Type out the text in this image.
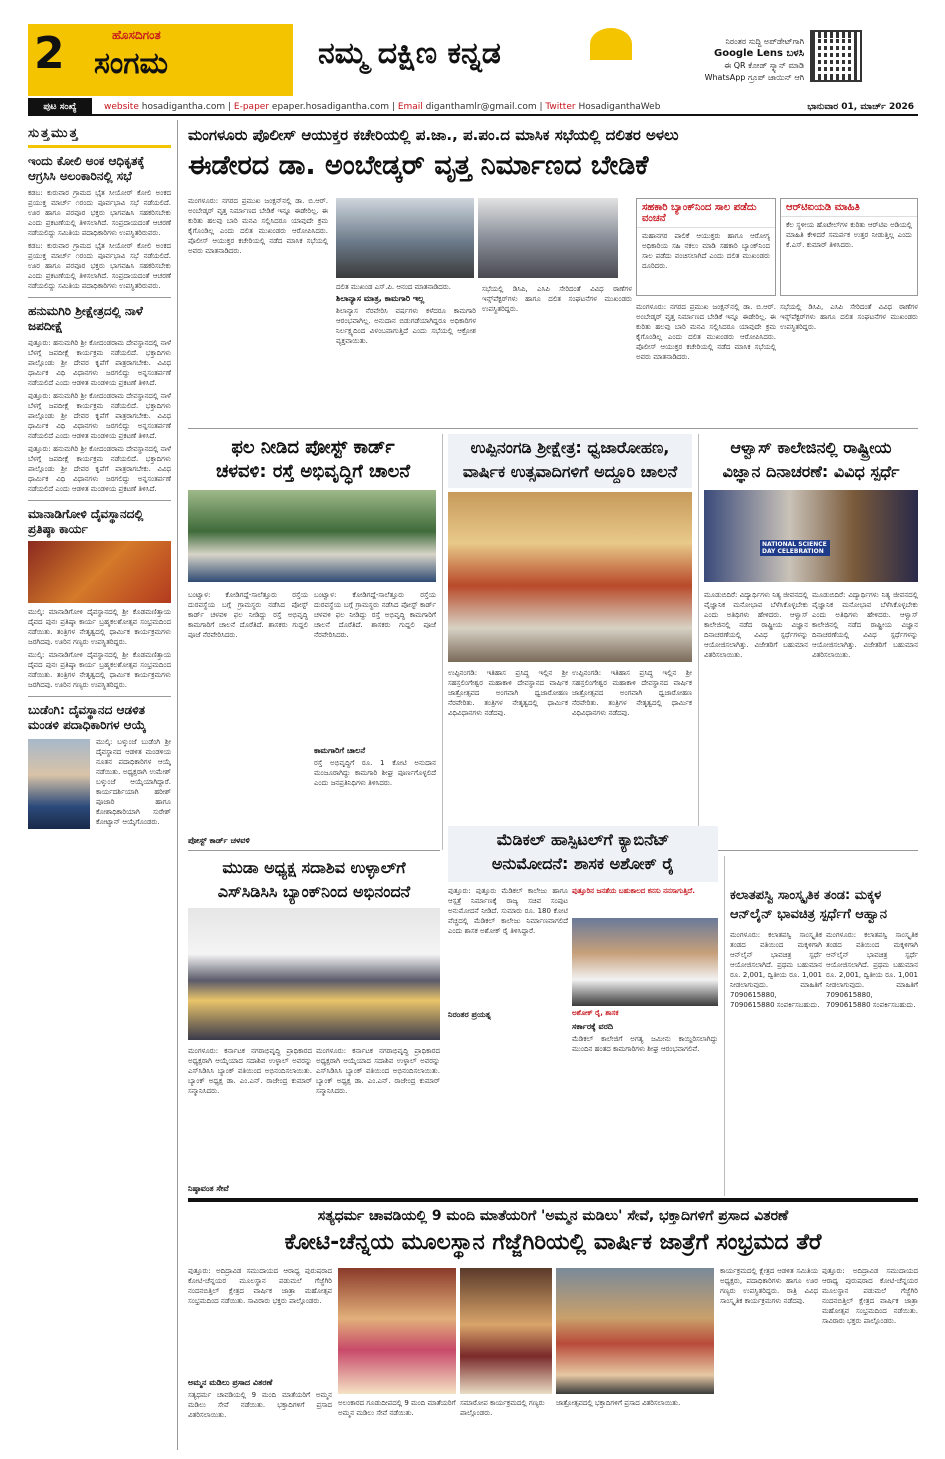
2	ಹೊಸದಿಗಂತ
ಸಂಗಮ	ನಮ್ಮ ದಕ್ಷಿಣ ಕನ್ನಡ	ನಿರಂತರ ಸುದ್ದಿ ಅಪ್‌ಡೇಟ್‌ಗಾಗಿ
Google Lens ಬಳಸಿ
ಈ QR ಕೋಡ್ ಸ್ಕ್ಯಾನ್ ಮಾಡಿ
WhatsApp ಗ್ರೂಪ್ ಜಾಯಿನ್ ಆಗಿ
ಪುಟ ಸಂಖ್ಯೆ	website hosadigantha.com | E-paper epaper.hosadigantha.com | Email diganthamlr@gmail.com | Twitter HosadiganthaWeb	ಭಾನುವಾರ 01, ಮಾರ್ಚ್ 2026
ಸುತ್ತಮುತ್ತ
ಇಂದು ಕೋಲಿ ಅಂಕ ಆಧಿಕೃತಕ್ಕೆ ಆಗ್ರಸಿಸಿ ಅಲಂಕಾರಿನಲ್ಲಿ ಸಭೆ
ಕಡಬ: ಕುರುವಾರ ಗ್ರಾಮದ ಭೈತ ಸೀಯೋರ್ ಕೋಲಿ ಅಂಕದ ಪ್ರಯುಕ್ತ ಮಾರ್ಚ್ ೧ರಂದು ಪೂರ್ವಭಾವಿ ಸಭೆ ನಡೆಯಲಿದೆ. ಊರ ಹಾಗೂ ಪರವೂರ ಭಕ್ತರು ಭಾಗವಹಿಸಿ ಸಹಕರಿಸಬೇಕು ಎಂದು ಪ್ರಕಟಣೆಯಲ್ಲಿ ತಿಳಿಸಲಾಗಿದೆ. ಸಂಪ್ರದಾಯದಂತೆ ಆಚರಣೆ ನಡೆಯಲಿದ್ದು ಸಮಿತಿಯ ಪದಾಧಿಕಾರಿಗಳು ಉಪಸ್ಥಿತರಿರುವರು.
ಕಡಬ: ಕುರುವಾರ ಗ್ರಾಮದ ಭೈತ ಸೀಯೋರ್ ಕೋಲಿ ಅಂಕದ ಪ್ರಯುಕ್ತ ಮಾರ್ಚ್ ೧ರಂದು ಪೂರ್ವಭಾವಿ ಸಭೆ ನಡೆಯಲಿದೆ. ಊರ ಹಾಗೂ ಪರವೂರ ಭಕ್ತರು ಭಾಗವಹಿಸಿ ಸಹಕರಿಸಬೇಕು ಎಂದು ಪ್ರಕಟಣೆಯಲ್ಲಿ ತಿಳಿಸಲಾಗಿದೆ. ಸಂಪ್ರದಾಯದಂತೆ ಆಚರಣೆ ನಡೆಯಲಿದ್ದು ಸಮಿತಿಯ ಪದಾಧಿಕಾರಿಗಳು ಉಪಸ್ಥಿತರಿರುವರು.
ಹನುಮಗಿರಿ ಶ್ರೀಕ್ಷೇತ್ರದಲ್ಲಿ ನಾಳೆ ಜಪದೀಕ್ಷೆ
ಪುತ್ತೂರು: ಹನುಮಗಿರಿ ಶ್ರೀ ಕೋದಂಡರಾಮ ದೇವಸ್ಥಾನದಲ್ಲಿ ನಾಳೆ ಬೆಳಗ್ಗೆ ಜಪದೀಕ್ಷೆ ಕಾರ್ಯಕ್ರಮ ನಡೆಯಲಿದೆ. ಭಕ್ತಾದಿಗಳು ಪಾಲ್ಗೊಂಡು ಶ್ರೀ ದೇವರ ಕೃಪೆಗೆ ಪಾತ್ರರಾಗಬೇಕು. ವಿವಿಧ ಧಾರ್ಮಿಕ ವಿಧಿ ವಿಧಾನಗಳು ಜರಗಲಿದ್ದು ಅನ್ನಸಂತರ್ಪಣೆ ನಡೆಯಲಿದೆ ಎಂದು ಆಡಳಿತ ಮಂಡಳಿಯ ಪ್ರಕಟಣೆ ತಿಳಿಸಿದೆ.
ಪುತ್ತೂರು: ಹನುಮಗಿರಿ ಶ್ರೀ ಕೋದಂಡರಾಮ ದೇವಸ್ಥಾನದಲ್ಲಿ ನಾಳೆ ಬೆಳಗ್ಗೆ ಜಪದೀಕ್ಷೆ ಕಾರ್ಯಕ್ರಮ ನಡೆಯಲಿದೆ. ಭಕ್ತಾದಿಗಳು ಪಾಲ್ಗೊಂಡು ಶ್ರೀ ದೇವರ ಕೃಪೆಗೆ ಪಾತ್ರರಾಗಬೇಕು. ವಿವಿಧ ಧಾರ್ಮಿಕ ವಿಧಿ ವಿಧಾನಗಳು ಜರಗಲಿದ್ದು ಅನ್ನಸಂತರ್ಪಣೆ ನಡೆಯಲಿದೆ ಎಂದು ಆಡಳಿತ ಮಂಡಳಿಯ ಪ್ರಕಟಣೆ ತಿಳಿಸಿದೆ.
ಪುತ್ತೂರು: ಹನುಮಗಿರಿ ಶ್ರೀ ಕೋದಂಡರಾಮ ದೇವಸ್ಥಾನದಲ್ಲಿ ನಾಳೆ ಬೆಳಗ್ಗೆ ಜಪದೀಕ್ಷೆ ಕಾರ್ಯಕ್ರಮ ನಡೆಯಲಿದೆ. ಭಕ್ತಾದಿಗಳು ಪಾಲ್ಗೊಂಡು ಶ್ರೀ ದೇವರ ಕೃಪೆಗೆ ಪಾತ್ರರಾಗಬೇಕು. ವಿವಿಧ ಧಾರ್ಮಿಕ ವಿಧಿ ವಿಧಾನಗಳು ಜರಗಲಿದ್ದು ಅನ್ನಸಂತರ್ಪಣೆ ನಡೆಯಲಿದೆ ಎಂದು ಆಡಳಿತ ಮಂಡಳಿಯ ಪ್ರಕಟಣೆ ತಿಳಿಸಿದೆ.
ಮಾನಾಡಿಗೋಳಿ ದೈವಸ್ಥಾನದಲ್ಲಿ ಪ್ರತಿಷ್ಠಾ ಕಾರ್ಯ
ಮುಲ್ಕಿ: ಮಾನಾಡಿಗೋಳಿ ದೈವಸ್ಥಾನದಲ್ಲಿ ಶ್ರೀ ಕೊಡಮಣಿತ್ತಾಯ ದೈವದ ಪುನಃ ಪ್ರತಿಷ್ಠಾ ಕಾರ್ಯ ಬ್ರಹ್ಮಕಲಶೋತ್ಸವ ಸಂಭ್ರಮದಿಂದ ನಡೆಯಿತು. ತಂತ್ರಿಗಳ ನೇತೃತ್ವದಲ್ಲಿ ಧಾರ್ಮಿಕ ಕಾರ್ಯಕ್ರಮಗಳು ಜರಗಿದವು. ಊರಿನ ಗಣ್ಯರು ಉಪಸ್ಥಿತರಿದ್ದರು.
ಮುಲ್ಕಿ: ಮಾನಾಡಿಗೋಳಿ ದೈವಸ್ಥಾನದಲ್ಲಿ ಶ್ರೀ ಕೊಡಮಣಿತ್ತಾಯ ದೈವದ ಪುನಃ ಪ್ರತಿಷ್ಠಾ ಕಾರ್ಯ ಬ್ರಹ್ಮಕಲಶೋತ್ಸವ ಸಂಭ್ರಮದಿಂದ ನಡೆಯಿತು. ತಂತ್ರಿಗಳ ನೇತೃತ್ವದಲ್ಲಿ ಧಾರ್ಮಿಕ ಕಾರ್ಯಕ್ರಮಗಳು ಜರಗಿದವು. ಊರಿನ ಗಣ್ಯರು ಉಪಸ್ಥಿತರಿದ್ದರು.
ಬುಡೆಂಗಿ: ದೈವಸ್ಥಾನದ ಆಡಳಿತ ಮಂಡಳಿ ಪದಾಧಿಕಾರಿಗಳ ಆಯ್ಕೆ
ಮುಲ್ಕಿ: ಬಳ್ಕುಂಜೆ ಬುಡೆಂಗಿ ಶ್ರೀ ದೈವಸ್ಥಾನದ ಆಡಳಿತ ಮಂಡಳಿಯ ನೂತನ ಪದಾಧಿಕಾರಿಗಳ ಆಯ್ಕೆ ನಡೆಯಿತು. ಅಧ್ಯಕ್ಷರಾಗಿ ಉಮೇಶ್ ಬಳ್ಕುಂಜೆ ಆಯ್ಕೆಯಾಗಿದ್ದಾರೆ. ಕಾರ್ಯದರ್ಶಿಯಾಗಿ ಹರೀಶ್ ಪೂಜಾರಿ ಹಾಗೂ ಕೋಶಾಧಿಕಾರಿಯಾಗಿ ಸುರೇಶ್ ಕೋಟ್ಯಾನ್ ಆಯ್ಕೆಗೊಂಡರು.
ಮಂಗಳೂರು ಪೊಲೀಸ್ ಆಯುಕ್ತರ ಕಚೇರಿಯಲ್ಲಿ ಪ.ಜಾ., ಪ.ಪಂ.ದ ಮಾಸಿಕ ಸಭೆಯಲ್ಲಿ ದಲಿತರ ಅಳಲು
ಈಡೇರದ ಡಾ. ಅಂಬೇಡ್ಕರ್ ವೃತ್ತ ನಿರ್ಮಾಣದ ಬೇಡಿಕೆ
ಮಂಗಳೂರು: ನಗರದ ಪ್ರಮುಖ ಜಂಕ್ಷನ್‌ನಲ್ಲಿ ಡಾ. ಬಿ.ಆರ್. ಅಂಬೇಡ್ಕರ್ ವೃತ್ತ ನಿರ್ಮಾಣದ ಬೇಡಿಕೆ ಇನ್ನೂ ಈಡೇರಿಲ್ಲ. ಈ ಕುರಿತು ಹಲವು ಬಾರಿ ಮನವಿ ಸಲ್ಲಿಸಿದರೂ ಯಾವುದೇ ಕ್ರಮ ಕೈಗೊಂಡಿಲ್ಲ ಎಂದು ದಲಿತ ಮುಖಂಡರು ಆರೋಪಿಸಿದರು. ಪೊಲೀಸ್ ಆಯುಕ್ತರ ಕಚೇರಿಯಲ್ಲಿ ನಡೆದ ಮಾಸಿಕ ಸಭೆಯಲ್ಲಿ ಅವರು ಮಾತನಾಡಿದರು.
ದಲಿತ ಮುಖಂಡ ಎಸ್.ಪಿ. ಆನಂದ ಮಾತನಾಡಿದರು.
ಶಿಲಾನ್ಯಾಸ ಮಾತ್ರ, ಕಾಮಗಾರಿ ಇಲ್ಲ
ಶಿಲಾನ್ಯಾಸ ನೆರವೇರಿಸಿ ವರ್ಷಗಳು ಕಳೆದರೂ ಕಾಮಗಾರಿ ಆರಂಭವಾಗಿಲ್ಲ. ಅನುದಾನ ಬಿಡುಗಡೆಯಾಗಿದ್ದರೂ ಅಧಿಕಾರಿಗಳ ನಿರ್ಲಕ್ಷ್ಯದಿಂದ ವಿಳಂಬವಾಗುತ್ತಿದೆ ಎಂದು ಸಭೆಯಲ್ಲಿ ಆಕ್ರೋಶ ವ್ಯಕ್ತವಾಯಿತು.
ಸಭೆಯಲ್ಲಿ ಡಿಸಿಪಿ, ಎಸಿಪಿ ಸೇರಿದಂತೆ ವಿವಿಧ ಠಾಣೆಗಳ ಇನ್ಸ್‌ಪೆಕ್ಟರ್‌ಗಳು ಹಾಗೂ ದಲಿತ ಸಂಘಟನೆಗಳ ಮುಖಂಡರು ಉಪಸ್ಥಿತರಿದ್ದರು.
ಸಹಕಾರಿ ಬ್ಯಾಂಕ್‌ನಿಂದ ಸಾಲ ಪಡೆದು ವಂಚನೆ
ಮಹಾನಗರ ಪಾಲಿಕೆ ಆಯುಕ್ತರು ಹಾಗೂ ಆರೋಗ್ಯ ಅಧಿಕಾರಿಯ ಸಹಿ ನಕಲು ಮಾಡಿ ಸಹಕಾರಿ ಬ್ಯಾಂಕ್‌ನಿಂದ ಸಾಲ ಪಡೆದು ವಂಚಿಸಲಾಗಿದೆ ಎಂದು ದಲಿತ ಮುಖಂಡರು ದೂರಿದರು.
ಆರ್‌ಟಿಐಯಡಿ ಮಾಹಿತಿ
ಕೆಲ ಸ್ಥಳೀಯ ಹೊಟೇಲ್‌ಗಳ ಕುರಿತು ಆರ್‌ಟಿಐ ಅಡಿಯಲ್ಲಿ ಮಾಹಿತಿ ಕೇಳಿದರೆ ಸಮರ್ಪಕ ಉತ್ತರ ನೀಡುತ್ತಿಲ್ಲ ಎಂದು ಕೆ.ಎಸ್. ಕುಮಾರ್ ತಿಳಿಸಿದರು.
ಮಂಗಳೂರು: ನಗರದ ಪ್ರಮುಖ ಜಂಕ್ಷನ್‌ನಲ್ಲಿ ಡಾ. ಬಿ.ಆರ್. ಅಂಬೇಡ್ಕರ್ ವೃತ್ತ ನಿರ್ಮಾಣದ ಬೇಡಿಕೆ ಇನ್ನೂ ಈಡೇರಿಲ್ಲ. ಈ ಕುರಿತು ಹಲವು ಬಾರಿ ಮನವಿ ಸಲ್ಲಿಸಿದರೂ ಯಾವುದೇ ಕ್ರಮ ಕೈಗೊಂಡಿಲ್ಲ ಎಂದು ದಲಿತ ಮುಖಂಡರು ಆರೋಪಿಸಿದರು. ಪೊಲೀಸ್ ಆಯುಕ್ತರ ಕಚೇರಿಯಲ್ಲಿ ನಡೆದ ಮಾಸಿಕ ಸಭೆಯಲ್ಲಿ ಅವರು ಮಾತನಾಡಿದರು.
ಸಭೆಯಲ್ಲಿ ಡಿಸಿಪಿ, ಎಸಿಪಿ ಸೇರಿದಂತೆ ವಿವಿಧ ಠಾಣೆಗಳ ಇನ್ಸ್‌ಪೆಕ್ಟರ್‌ಗಳು ಹಾಗೂ ದಲಿತ ಸಂಘಟನೆಗಳ ಮುಖಂಡರು ಉಪಸ್ಥಿತರಿದ್ದರು.
ಫಲ ನೀಡಿದ ಪೋಸ್ಟ್ ಕಾರ್ಡ್
ಚಳವಳಿ: ರಸ್ತೆ ಅಭಿವೃದ್ಧಿಗೆ ಚಾಲನೆ
ಬಂಟ್ವಾಳ: ಕೋಡಿಗದ್ದೆ-ಸಾಲೆತ್ತೂರು ರಸ್ತೆಯ ದುರವಸ್ಥೆಯ ಬಗ್ಗೆ ಗ್ರಾಮಸ್ಥರು ನಡೆಸಿದ ಪೋಸ್ಟ್ ಕಾರ್ಡ್ ಚಳವಳಿ ಫಲ ನೀಡಿದ್ದು ರಸ್ತೆ ಅಭಿವೃದ್ಧಿ ಕಾಮಗಾರಿಗೆ ಚಾಲನೆ ದೊರೆತಿದೆ. ಶಾಸಕರು ಗುದ್ದಲಿ ಪೂಜೆ ನೆರವೇರಿಸಿದರು.
ಪೋಸ್ಟ್ ಕಾರ್ಡ್ ಚಳವಳಿ
ಬಂಟ್ವಾಳ: ಕೋಡಿಗದ್ದೆ-ಸಾಲೆತ್ತೂರು ರಸ್ತೆಯ ದುರವಸ್ಥೆಯ ಬಗ್ಗೆ ಗ್ರಾಮಸ್ಥರು ನಡೆಸಿದ ಪೋಸ್ಟ್ ಕಾರ್ಡ್ ಚಳವಳಿ ಫಲ ನೀಡಿದ್ದು ರಸ್ತೆ ಅಭಿವೃದ್ಧಿ ಕಾಮಗಾರಿಗೆ ಚಾಲನೆ ದೊರೆತಿದೆ. ಶಾಸಕರು ಗುದ್ದಲಿ ಪೂಜೆ ನೆರವೇರಿಸಿದರು.
ಕಾಮಗಾರಿಗೆ ಚಾಲನೆ
ರಸ್ತೆ ಅಭಿವೃದ್ಧಿಗೆ ರೂ. 1 ಕೋಟಿ ಅನುದಾನ ಮಂಜೂರಾಗಿದ್ದು ಕಾಮಗಾರಿ ಶೀಘ್ರ ಪೂರ್ಣಗೊಳ್ಳಲಿದೆ ಎಂದು ಜನಪ್ರತಿನಿಧಿಗಳು ತಿಳಿಸಿದರು.
ಉಪ್ಪಿನಂಗಡಿ ಶ್ರೀಕ್ಷೇತ್ರ: ಧ್ವಜಾರೋಹಣ,
ವಾರ್ಷಿಕ ಉತ್ಸವಾದಿಗಳಿಗೆ ಅದ್ದೂರಿ ಚಾಲನೆ
ಉಪ್ಪಿನಂಗಡಿ: ಇತಿಹಾಸ ಪ್ರಸಿದ್ಧ ಇಲ್ಲಿನ ಶ್ರೀ ಸಹಸ್ರಲಿಂಗೇಶ್ವರ ಮಹಾಕಾಳಿ ದೇವಸ್ಥಾನದ ವಾರ್ಷಿಕ ಜಾತ್ರೋತ್ಸವದ ಅಂಗವಾಗಿ ಧ್ವಜಾರೋಹಣ ನೆರವೇರಿತು. ತಂತ್ರಿಗಳ ನೇತೃತ್ವದಲ್ಲಿ ಧಾರ್ಮಿಕ ವಿಧಿವಿಧಾನಗಳು ನಡೆದವು.
ಉಪ್ಪಿನಂಗಡಿ: ಇತಿಹಾಸ ಪ್ರಸಿದ್ಧ ಇಲ್ಲಿನ ಶ್ರೀ ಸಹಸ್ರಲಿಂಗೇಶ್ವರ ಮಹಾಕಾಳಿ ದೇವಸ್ಥಾನದ ವಾರ್ಷಿಕ ಜಾತ್ರೋತ್ಸವದ ಅಂಗವಾಗಿ ಧ್ವಜಾರೋಹಣ ನೆರವೇರಿತು. ತಂತ್ರಿಗಳ ನೇತೃತ್ವದಲ್ಲಿ ಧಾರ್ಮಿಕ ವಿಧಿವಿಧಾನಗಳು ನಡೆದವು.
ಆಳ್ವಾಸ್ ಕಾಲೇಜಿನಲ್ಲಿ ರಾಷ್ಟ್ರೀಯ
ವಿಜ್ಞಾನ ದಿನಾಚರಣೆ: ವಿವಿಧ ಸ್ಪರ್ಧೆ
NATIONAL SCIENCE DAY CELEBRATION
ಮೂಡುಬಿದಿರೆ: ವಿದ್ಯಾರ್ಥಿಗಳು ನಿತ್ಯ ಜೀವನದಲ್ಲಿ ವೈಜ್ಞಾನಿಕ ಮನೋಭಾವ ಬೆಳೆಸಿಕೊಳ್ಳಬೇಕು ಎಂದು ಅತಿಥಿಗಳು ಹೇಳಿದರು. ಆಳ್ವಾಸ್ ಕಾಲೇಜಿನಲ್ಲಿ ನಡೆದ ರಾಷ್ಟ್ರೀಯ ವಿಜ್ಞಾನ ದಿನಾಚರಣೆಯಲ್ಲಿ ವಿವಿಧ ಸ್ಪರ್ಧೆಗಳನ್ನು ಆಯೋಜಿಸಲಾಗಿತ್ತು. ವಿಜೇತರಿಗೆ ಬಹುಮಾನ ವಿತರಿಸಲಾಯಿತು.
ಮೂಡುಬಿದಿರೆ: ವಿದ್ಯಾರ್ಥಿಗಳು ನಿತ್ಯ ಜೀವನದಲ್ಲಿ ವೈಜ್ಞಾನಿಕ ಮನೋಭಾವ ಬೆಳೆಸಿಕೊಳ್ಳಬೇಕು ಎಂದು ಅತಿಥಿಗಳು ಹೇಳಿದರು. ಆಳ್ವಾಸ್ ಕಾಲೇಜಿನಲ್ಲಿ ನಡೆದ ರಾಷ್ಟ್ರೀಯ ವಿಜ್ಞಾನ ದಿನಾಚರಣೆಯಲ್ಲಿ ವಿವಿಧ ಸ್ಪರ್ಧೆಗಳನ್ನು ಆಯೋಜಿಸಲಾಗಿತ್ತು. ವಿಜೇತರಿಗೆ ಬಹುಮಾನ ವಿತರಿಸಲಾಯಿತು.
ಮೆಡಿಕಲ್ ಹಾಸ್ಪಿಟಲ್‌ಗೆ ಕ್ಯಾಬಿನೆಟ್
ಅನುಮೋದನೆ: ಶಾಸಕ ಅಶೋಕ್ ರೈ
ಪುತ್ತೂರು: ಪುತ್ತೂರು ಮೆಡಿಕಲ್ ಕಾಲೇಜು ಹಾಗೂ ಆಸ್ಪತ್ರೆ ನಿರ್ಮಾಣಕ್ಕೆ ರಾಜ್ಯ ಸಚಿವ ಸಂಪುಟ ಅನುಮೋದನೆ ನೀಡಿದೆ. ಸುಮಾರು ರೂ. 180 ಕೋಟಿ ವೆಚ್ಚದಲ್ಲಿ ಮೆಡಿಕಲ್ ಕಾಲೇಜು ನಿರ್ಮಾಣವಾಗಲಿದೆ ಎಂದು ಶಾಸಕ ಅಶೋಕ್ ರೈ ತಿಳಿಸಿದ್ದಾರೆ.
ಪುತ್ತೂರಿನ ಜನತೆಯ ಬಹುಕಾಲದ ಕನಸು ನನಸಾಗುತ್ತಿದೆ.
ಅಶೋಕ್ ರೈ, ಶಾಸಕ
ನಿರಂತರ ಪ್ರಯತ್ನ
ಸರ್ಕಾರಕ್ಕೆ ವರದಿ
ಮೆಡಿಕಲ್ ಕಾಲೇಜಿಗೆ ಅಗತ್ಯ ಜಮೀನು ಕಾಯ್ದಿರಿಸಲಾಗಿದ್ದು ಮುಂದಿನ ಹಂತದ ಕಾಮಗಾರಿಗಳು ಶೀಘ್ರ ಆರಂಭವಾಗಲಿವೆ.
ಮುಡಾ ಅಧ್ಯಕ್ಷ ಸದಾಶಿವ ಉಳ್ಳಾಲ್‌ಗೆ
ಎಸ್‌ಸಿಡಿಸಿಸಿ ಬ್ಯಾಂಕ್‌ನಿಂದ ಅಭಿನಂದನೆ
ಮಂಗಳೂರು: ಕರ್ನಾಟಕ ನಗರಾಭಿವೃದ್ಧಿ ಪ್ರಾಧಿಕಾರದ ಅಧ್ಯಕ್ಷರಾಗಿ ಆಯ್ಕೆಯಾದ ಸದಾಶಿವ ಉಳ್ಳಾಲ್ ಅವರನ್ನು ಎಸ್‌ಸಿಡಿಸಿಸಿ ಬ್ಯಾಂಕ್ ವತಿಯಿಂದ ಅಭಿನಂದಿಸಲಾಯಿತು. ಬ್ಯಾಂಕ್ ಅಧ್ಯಕ್ಷ ಡಾ. ಎಂ.ಎನ್. ರಾಜೇಂದ್ರ ಕುಮಾರ್ ಸನ್ಮಾನಿಸಿದರು.
ನಿಷ್ಠಾವಂತ ಸೇವೆ
ಮಂಗಳೂರು: ಕರ್ನಾಟಕ ನಗರಾಭಿವೃದ್ಧಿ ಪ್ರಾಧಿಕಾರದ ಅಧ್ಯಕ್ಷರಾಗಿ ಆಯ್ಕೆಯಾದ ಸದಾಶಿವ ಉಳ್ಳಾಲ್ ಅವರನ್ನು ಎಸ್‌ಸಿಡಿಸಿಸಿ ಬ್ಯಾಂಕ್ ವತಿಯಿಂದ ಅಭಿನಂದಿಸಲಾಯಿತು. ಬ್ಯಾಂಕ್ ಅಧ್ಯಕ್ಷ ಡಾ. ಎಂ.ಎನ್. ರಾಜೇಂದ್ರ ಕುಮಾರ್ ಸನ್ಮಾನಿಸಿದರು.
ಕಲಾತಪಸ್ವಿ ಸಾಂಸ್ಕೃತಿಕ ತಂಡ: ಮಕ್ಕಳ
ಆನ್‌ಲೈನ್ ಭಾವಚಿತ್ರ ಸ್ಪರ್ಧೆಗೆ ಆಹ್ವಾನ
ಮಂಗಳೂರು: ಕಲಾತಪಸ್ವಿ ಸಾಂಸ್ಕೃತಿಕ ತಂಡದ ವತಿಯಿಂದ ಮಕ್ಕಳಿಗಾಗಿ ಆನ್‌ಲೈನ್ ಭಾವಚಿತ್ರ ಸ್ಪರ್ಧೆ ಆಯೋಜಿಸಲಾಗಿದೆ. ಪ್ರಥಮ ಬಹುಮಾನ ರೂ. 2,001, ದ್ವಿತೀಯ ರೂ. 1,001 ನೀಡಲಾಗುವುದು. ಮಾಹಿತಿಗೆ 7090615880, 7090615880 ಸಂಪರ್ಕಿಸಬಹುದು.
ಮಂಗಳೂರು: ಕಲಾತಪಸ್ವಿ ಸಾಂಸ್ಕೃತಿಕ ತಂಡದ ವತಿಯಿಂದ ಮಕ್ಕಳಿಗಾಗಿ ಆನ್‌ಲೈನ್ ಭಾವಚಿತ್ರ ಸ್ಪರ್ಧೆ ಆಯೋಜಿಸಲಾಗಿದೆ. ಪ್ರಥಮ ಬಹುಮಾನ ರೂ. 2,001, ದ್ವಿತೀಯ ರೂ. 1,001 ನೀಡಲಾಗುವುದು. ಮಾಹಿತಿಗೆ 7090615880, 7090615880 ಸಂಪರ್ಕಿಸಬಹುದು.
ಸತ್ಯಧರ್ಮ ಚಾವಡಿಯಲ್ಲಿ 9 ಮಂದಿ ಮಾತೆಯರಿಗೆ 'ಅಮ್ಮನ ಮಡಿಲು' ಸೇವೆ, ಭಕ್ತಾದಿಗಳಿಗೆ ಪ್ರಸಾದ ವಿತರಣೆ
ಕೋಟಿ-ಚೆನ್ನಯ ಮೂಲಸ್ಥಾನ ಗೆಜ್ಜೆಗಿರಿಯಲ್ಲಿ ವಾರ್ಷಿಕ ಜಾತ್ರೆಗೆ ಸಂಭ್ರಮದ ತೆರೆ
ಪುತ್ತೂರು: ಅದಿದ್ರಾವಿಡ ಸಮುದಾಯದ ಆರಾಧ್ಯ ಪುರುಷರಾದ ಕೋಟಿ-ಚೆನ್ನಯರ ಮೂಲಸ್ಥಾನ ಪಡುಮಲೆ ಗೆಜ್ಜೆಗಿರಿ ನಂದನಬಿತ್ತಿಲ್ ಕ್ಷೇತ್ರದ ವಾರ್ಷಿಕ ಜಾತ್ರಾ ಮಹೋತ್ಸವ ಸಂಭ್ರಮದಿಂದ ನಡೆಯಿತು. ಸಾವಿರಾರು ಭಕ್ತರು ಪಾಲ್ಗೊಂಡರು.
ಅಮ್ಮನ ಮಡಿಲು ಪ್ರಸಾದ ವಿತರಣೆ
ಸತ್ಯಧರ್ಮ ಚಾವಡಿಯಲ್ಲಿ 9 ಮಂದಿ ಮಾತೆಯರಿಗೆ ಅಮ್ಮನ ಮಡಿಲು ಸೇವೆ ನಡೆಯಿತು. ಭಕ್ತಾದಿಗಳಿಗೆ ಪ್ರಸಾದ ವಿತರಿಸಲಾಯಿತು.
ಅಲಂಕಾರದ ಗೂಡುದೀಪದಲ್ಲಿ 9 ಮಂದಿ ಮಾತೆಯರಿಗೆ ಅಮ್ಮನ ಮಡಿಲು ಸೇವೆ ನಡೆಯಿತು.
ಸಮಾರೋಪ ಕಾರ್ಯಕ್ರಮದಲ್ಲಿ ಗಣ್ಯರು ಪಾಲ್ಗೊಂಡರು.
ಜಾತ್ರೋತ್ಸವದಲ್ಲಿ ಭಕ್ತಾದಿಗಳಿಗೆ ಪ್ರಸಾದ ವಿತರಿಸಲಾಯಿತು.
ಕಾರ್ಯಕ್ರಮದಲ್ಲಿ ಕ್ಷೇತ್ರದ ಆಡಳಿತ ಸಮಿತಿಯ ಅಧ್ಯಕ್ಷರು, ಪದಾಧಿಕಾರಿಗಳು ಹಾಗೂ ಊರ ಗಣ್ಯರು ಉಪಸ್ಥಿತರಿದ್ದರು. ರಾತ್ರಿ ವಿವಿಧ ಸಾಂಸ್ಕೃತಿಕ ಕಾರ್ಯಕ್ರಮಗಳು ನಡೆದವು.
ಪುತ್ತೂರು: ಅದಿದ್ರಾವಿಡ ಸಮುದಾಯದ ಆರಾಧ್ಯ ಪುರುಷರಾದ ಕೋಟಿ-ಚೆನ್ನಯರ ಮೂಲಸ್ಥಾನ ಪಡುಮಲೆ ಗೆಜ್ಜೆಗಿರಿ ನಂದನಬಿತ್ತಿಲ್ ಕ್ಷೇತ್ರದ ವಾರ್ಷಿಕ ಜಾತ್ರಾ ಮಹೋತ್ಸವ ಸಂಭ್ರಮದಿಂದ ನಡೆಯಿತು. ಸಾವಿರಾರು ಭಕ್ತರು ಪಾಲ್ಗೊಂಡರು.
